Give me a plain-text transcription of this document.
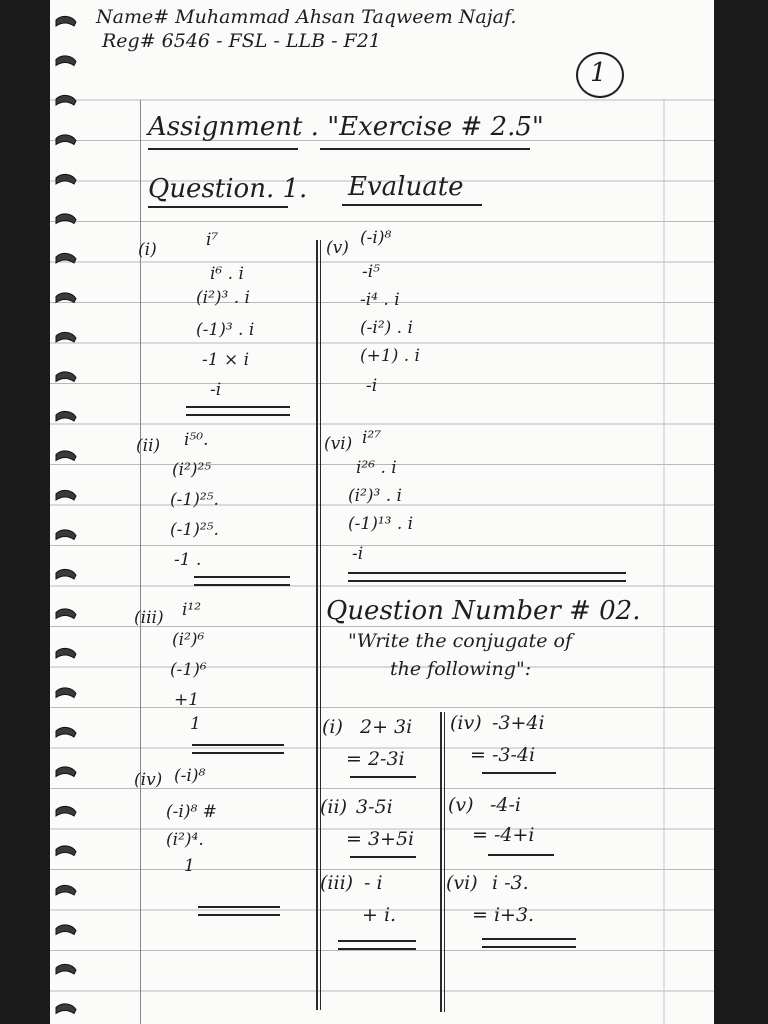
Name# Muhammad Ahsan Taqweem Najaf.
Reg# 6546 - FSL - LLB - F21
1
Assignment . "Exercise # 2.5"
Question. 1. Evaluate
(i)	i⁷
i⁶ . i
(i²)³ . i
(-1)³ . i
-1 × i
-i
(ii) i⁵⁰.
(i²)²⁵
(-1)²⁵.
(-1)²⁵.
-1 .
(iii) i¹²
(i²)⁶
(-1)⁶
+1
1
(iv) (-i)⁸
(-i)⁸ #
(i²)⁴.
1
(v) (-i)⁸
-i⁵
-i⁴ . i
(-i²) . i
(+1) . i
-i
(vi) i²⁷
i²⁶ . i
(i²)³ . i
(-1)¹³ . i
-i
Question Number # 02.
"Write the conjugate of
the following":
(i) 2+ 3i
= 2-3i
(ii) 3-5i
= 3+5i
(iii) - i
+ i.
(iv) -3+4i
= -3-4i
(v) -4-i
= -4+i
(vi) i -3.
= i+3.
